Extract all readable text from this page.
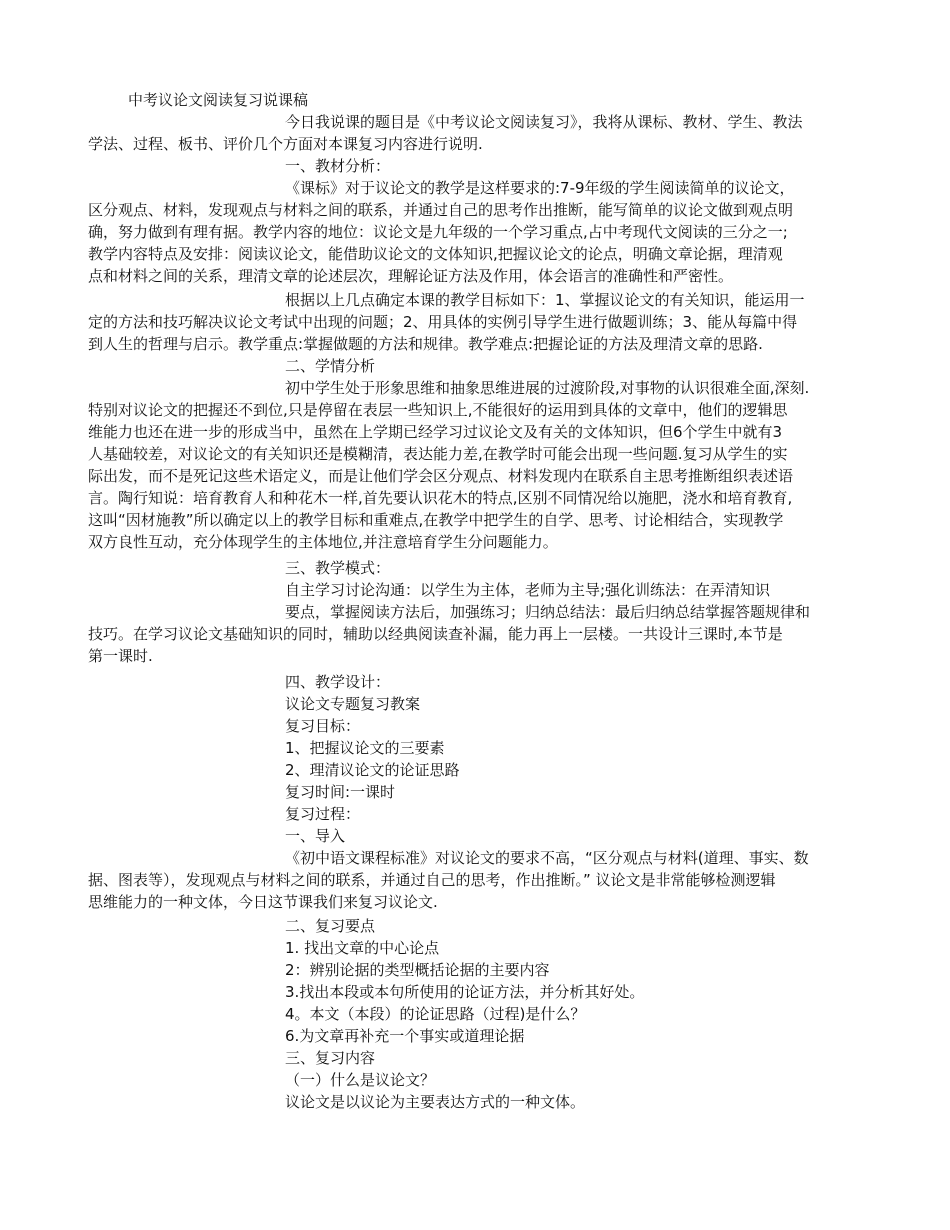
中考议论文阅读复习说课稿
今日我说课的题目是《中考议论文阅读复习》，我将从课标、教材、学生、教法
学法、过程、板书、评价几个方面对本课复习内容进行说明.
一、教材分析：
《课标》对于议论文的教学是这样要求的:7-9年级的学生阅读简单的议论文，
区分观点、材料，发现观点与材料之间的联系，并通过自己的思考作出推断，能写简单的议论文做到观点明
确，努力做到有理有据。教学内容的地位：议论文是九年级的一个学习重点,占中考现代文阅读的三分之一;
教学内容特点及安排：阅读议论文，能借助议论文的文体知识,把握议论文的论点，明确文章论据，理清观
点和材料之间的关系，理清文章的论述层次，理解论证方法及作用，体会语言的准确性和严密性。
根据以上几点确定本课的教学目标如下：1、掌握议论文的有关知识，能运用一
定的方法和技巧解决议论文考试中出现的问题；2、用具体的实例引导学生进行做题训练；3、能从每篇中得
到人生的哲理与启示。教学重点:掌握做题的方法和规律。教学难点:把握论证的方法及理清文章的思路.
二、学情分析
初中学生处于形象思维和抽象思维进展的过渡阶段,对事物的认识很难全面,深刻.
特别对议论文的把握还不到位,只是停留在表层一些知识上,不能很好的运用到具体的文章中，他们的逻辑思
维能力也还在进一步的形成当中，虽然在上学期已经学习过议论文及有关的文体知识，但6个学生中就有3
人基础较差，对议论文的有关知识还是模糊清，表达能力差,在教学时可能会出现一些问题.复习从学生的实
际出发，而不是死记这些术语定义，而是让他们学会区分观点、材料发现内在联系自主思考推断组织表述语
言。陶行知说：培育教育人和种花木一样,首先要认识花木的特点,区别不同情况给以施肥，浇水和培育教育,
这叫“因材施教”所以确定以上的教学目标和重难点,在教学中把学生的自学、思考、讨论相结合，实现教学
双方良性互动，充分体现学生的主体地位,并注意培育学生分问题能力。
三、教学模式：
自主学习讨论沟通：以学生为主体，老师为主导;强化训练法：在弄清知识
要点，掌握阅读方法后，加强练习；归纳总结法：最后归纳总结掌握答题规律和
技巧。在学习议论文基础知识的同时，辅助以经典阅读查补漏，能力再上一层楼。一共设计三课时,本节是
第一课时.
四、教学设计：
议论文专题复习教案
复习目标：
1、把握议论文的三要素
2、理清议论文的论证思路
复习时间:一课时
复习过程：
一、导入
《初中语文课程标准》对议论文的要求不高，“区分观点与材料(道理、事实、数
据、图表等），发现观点与材料之间的联系，并通过自己的思考，作出推断。” 议论文是非常能够检测逻辑
思维能力的一种文体，今日这节课我们来复习议论文.
二、复习要点
1. 找出文章的中心论点
2：辨别论据的类型概括论据的主要内容
3.找出本段或本句所使用的论证方法，并分析其好处。
4。本文（本段）的论证思路（过程)是什么？
6.为文章再补充一个事实或道理论据
三、复习内容
（一）什么是议论文？
议论文是以议论为主要表达方式的一种文体。
